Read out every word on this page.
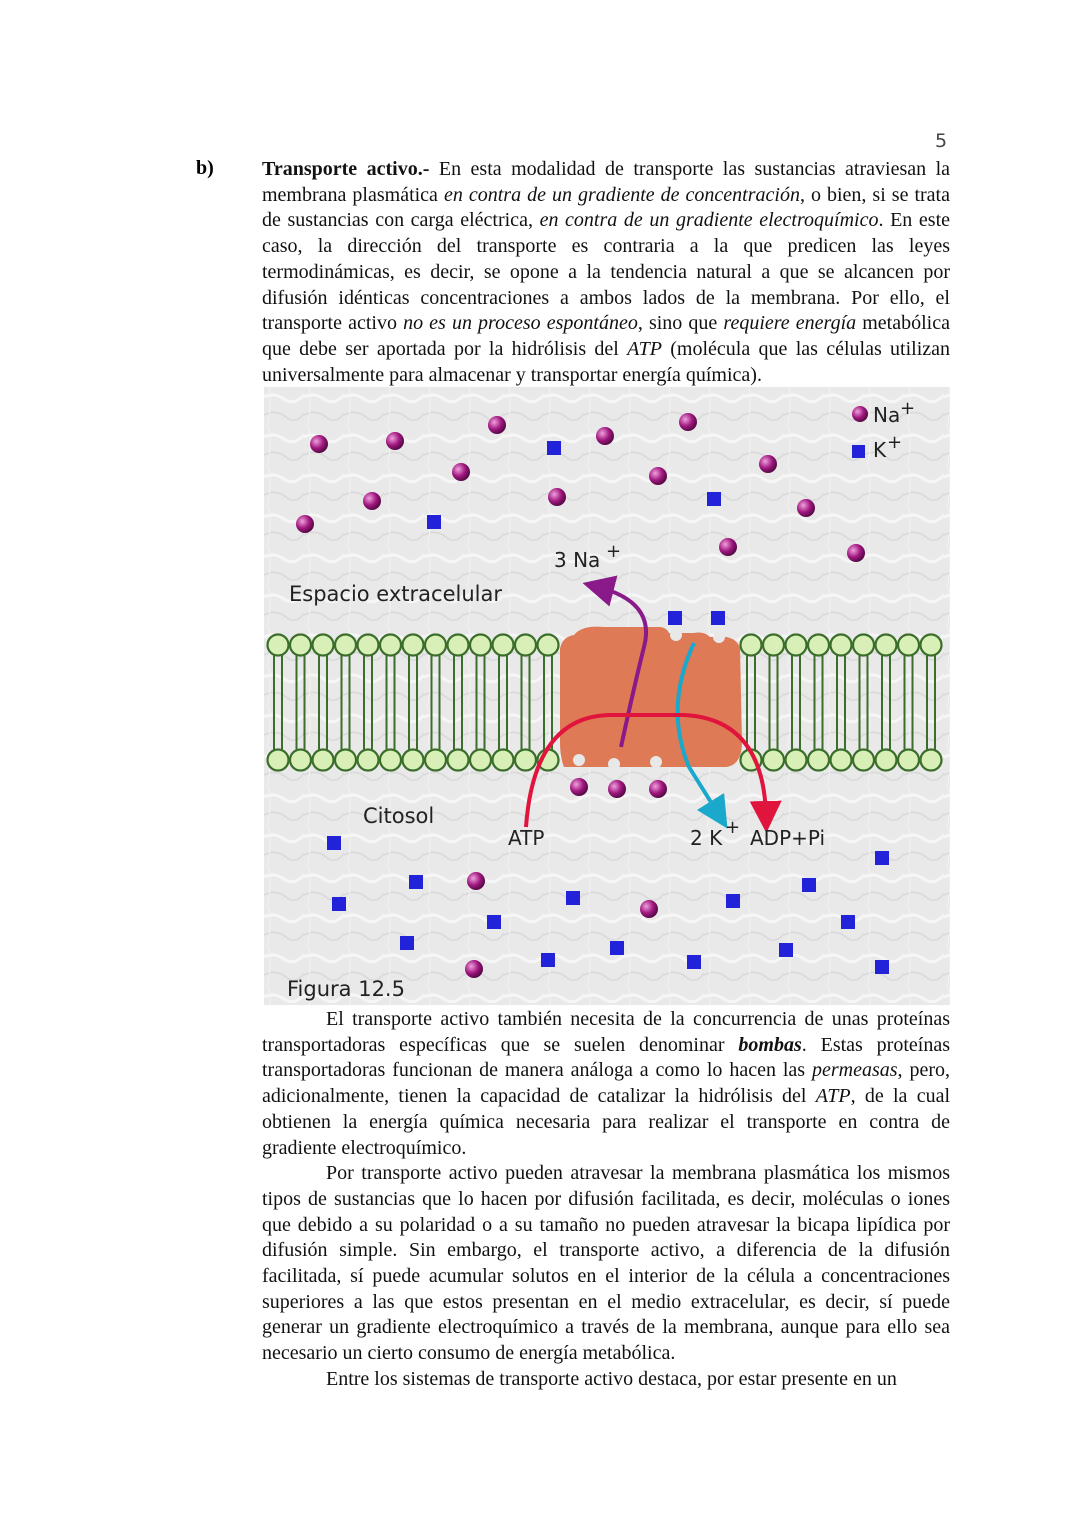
5
b) Transporte activo.- En esta modalidad de transporte las sustancias atraviesan la membrana plasmática en contra de un gradiente de concentración, o bien, si se trata de sustancias con carga eléctrica, en contra de un gradiente electroquímico. En este caso, la dirección del transporte es contraria a la que predicen las leyes termodinámicas, es decir, se opone a la tendencia natural a que se alcancen por difusión idénticas concentraciones a ambos lados de la membrana. Por ello, el transporte activo no es un proceso espontáneo, sino que requiere energía metabólica que debe ser aportada por la hidrólisis del ATP (molécula que las células utilizan universalmente para almacenar y transportar energía química).
Na +
K +
3 Na +
Espacio extracelular
Citosol
ATP	2 K + ADP+Pi
Figura 12.5

El transporte activo también necesita de la concurrencia de unas proteínas transportadoras específicas que se suelen denominar bombas. Estas proteínas transportadoras funcionan de manera análoga a como lo hacen las permeasas, pero, adicionalmente, tienen la capacidad de catalizar la hidrólisis del ATP, de la cual obtienen la energía química necesaria para realizar el transporte en contra de gradiente electroquímico.

Por transporte activo pueden atravesar la membrana plasmática los mismos tipos de sustancias que lo hacen por difusión facilitada, es decir, moléculas o iones que debido a su polaridad o a su tamaño no pueden atravesar la bicapa lipídica por difusión simple. Sin embargo, el transporte activo, a diferencia de la difusión facilitada, sí puede acumular solutos en el interior de la célula a concentraciones superiores a las que estos presentan en el medio extracelular, es decir, sí puede generar un gradiente electroquímico a través de la membrana, aunque para ello sea necesario un cierto consumo de energía metabólica.

Entre los sistemas de transporte activo destaca, por estar presente en un
